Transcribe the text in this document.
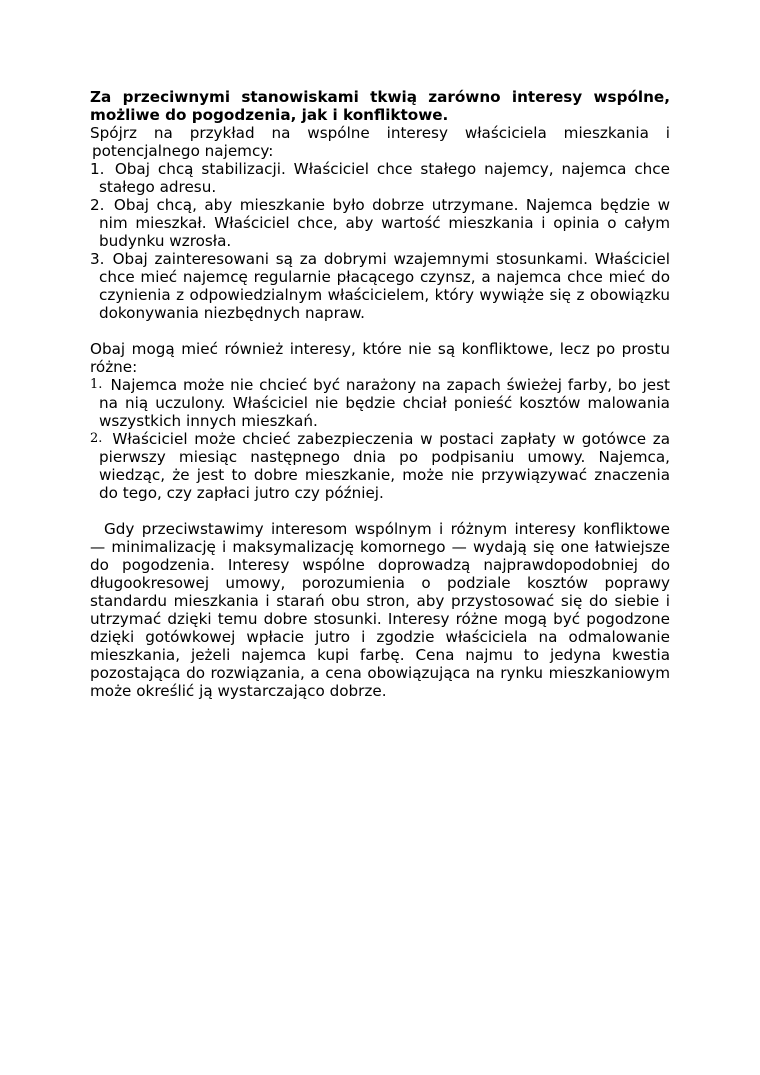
Za przeciwnymi stanowiskami tkwią zarówno interesy wspólne, możliwe do pogodzenia, jak i konfliktowe.

Spójrz na przykład na wspólne interesy właściciela mieszkania i potencjalnego najemcy:

1. Obaj chcą stabilizacji. Właściciel chce stałego najemcy, najemca chce stałego adresu.
2. Obaj chcą, aby mieszkanie było dobrze utrzymane. Najemca będzie w nim mieszkał. Właściciel chce, aby wartość mieszkania i opinia o całym budynku wzrosła.
3. Obaj zainteresowani są za dobrymi wzajemnymi stosunkami. Właściciel chce mieć najemcę regularnie płacącego czynsz, a najemca chce mieć do czynienia z odpowiedzialnym właścicielem, który wywiąże się z obowiązku dokonywania niezbędnych napraw.

Obaj mogą mieć również interesy, które nie są konfliktowe, lecz po prostu różne:

1. Najemca może nie chcieć być narażony na zapach świeżej farby, bo jest na nią uczulony. Właściciel nie będzie chciał ponieść kosztów malowania wszystkich innych mieszkań.
2. Właściciel może chcieć zabezpieczenia w postaci zapłaty w gotówce za pierwszy miesiąc następnego dnia po podpisaniu umowy. Najemca, wiedząc, że jest to dobre mieszkanie, może nie przywiązywać znaczenia do tego, czy zapłaci jutro czy później.

Gdy przeciwstawimy interesom wspólnym i różnym interesy konfliktowe — minimalizację i maksymalizację komornego — wydają się one łatwiejsze do pogodzenia. Interesy wspólne doprowadzą najprawdopodobniej do długookresowej umowy, porozumienia o podziale kosztów poprawy standardu mieszkania i starań obu stron, aby przystosować się do siebie i utrzymać dzięki temu dobre stosunki. Interesy różne mogą być pogodzone dzięki gotówkowej wpłacie jutro i zgodzie właściciela na odmalowanie mieszkania, jeżeli najemca kupi farbę. Cena najmu to jedyna kwestia pozostająca do rozwiązania, a cena obowiązująca na rynku mieszkaniowym może określić ją wystarczająco dobrze.
